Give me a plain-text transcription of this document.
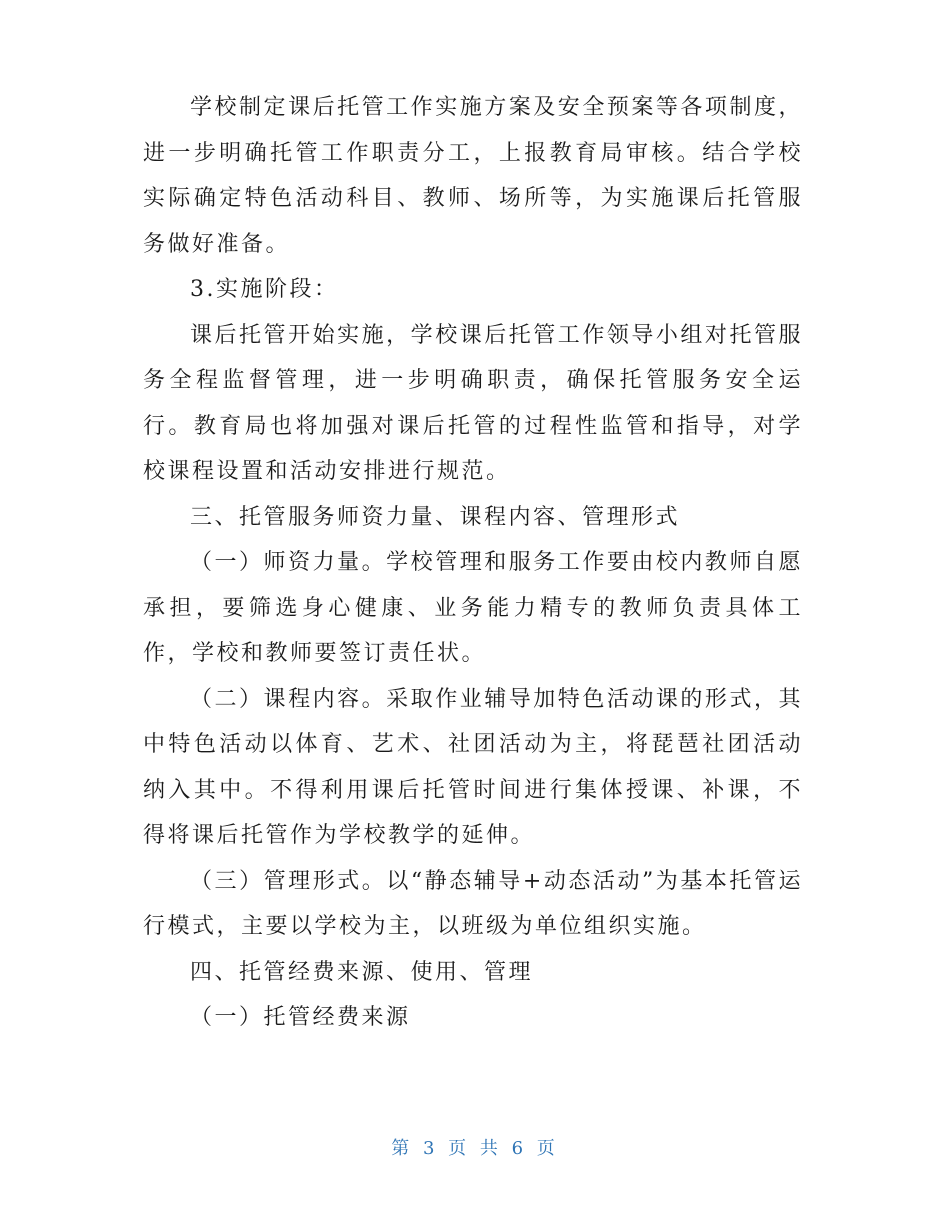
学校制定课后托管工作实施方案及安全预案等各项制度，进一步明确托管工作职责分工，上报教育局审核。结合学校实际确定特色活动科目、教师、场所等，为实施课后托管服务做好准备。

3.实施阶段：

课后托管开始实施，学校课后托管工作领导小组对托管服务全程监督管理，进一步明确职责，确保托管服务安全运行。教育局也将加强对课后托管的过程性监管和指导，对学校课程设置和活动安排进行规范。

三、托管服务师资力量、课程内容、管理形式

（一）师资力量。学校管理和服务工作要由校内教师自愿承担，要筛选身心健康、业务能力精专的教师负责具体工作，学校和教师要签订责任状。

（二）课程内容。采取作业辅导加特色活动课的形式，其中特色活动以体育、艺术、社团活动为主，将琵琶社团活动纳入其中。不得利用课后托管时间进行集体授课、补课，不得将课后托管作为学校教学的延伸。

（三）管理形式。以“静态辅导+动态活动”为基本托管运行模式，主要以学校为主，以班级为单位组织实施。

四、托管经费来源、使用、管理

（一）托管经费来源

第 3 页 共 6 页
